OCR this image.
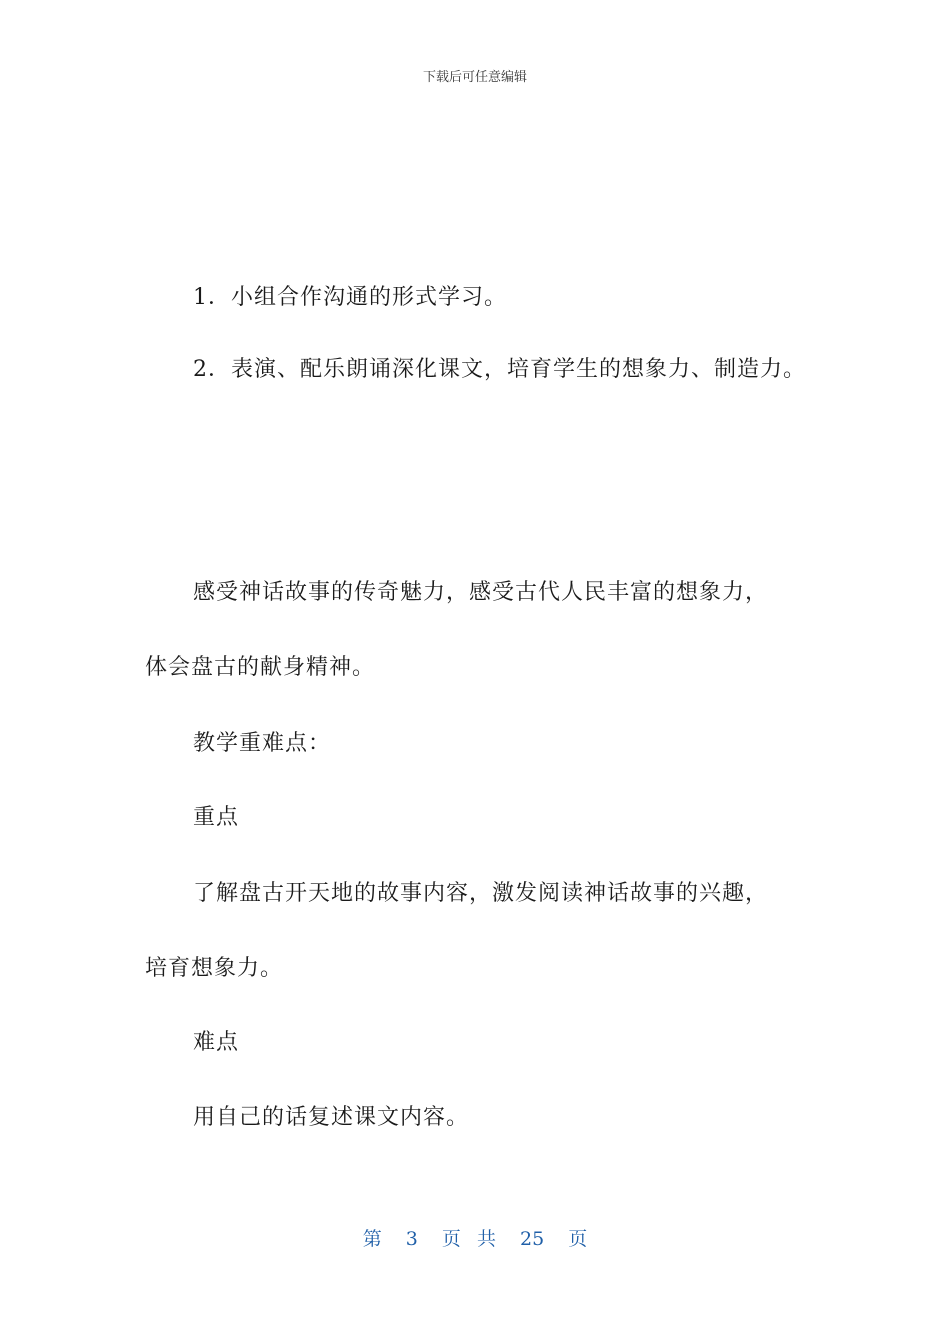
下载后可任意编辑
1．小组合作沟通的形式学习。
2．表演、配乐朗诵深化课文，培育学生的想象力、制造力。
感受神话故事的传奇魅力，感受古代人民丰富的想象力，
体会盘古的献身精神。
教学重难点：
重点
了解盘古开天地的故事内容，激发阅读神话故事的兴趣，
培育想象力。
难点
用自己的话复述课文内容。
第 3 页 共 25 页
